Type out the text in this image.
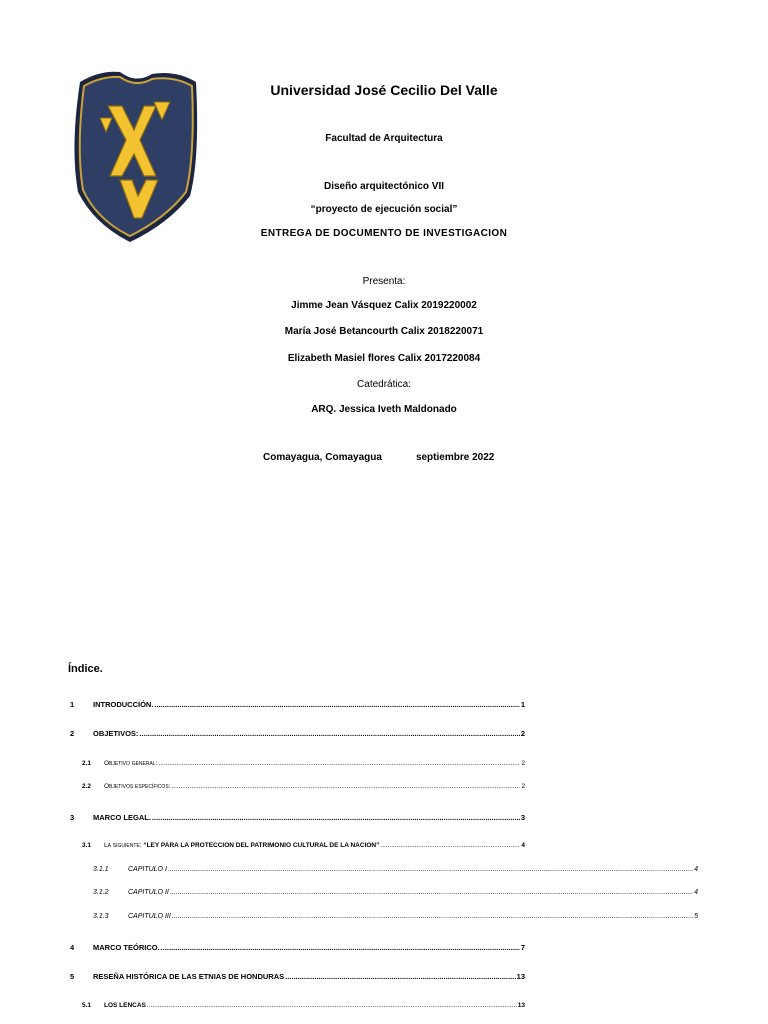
Universidad José Cecilio Del Valle
Facultad de Arquitectura
Diseño arquitectónico VII
“proyecto de ejecución social”
ENTREGA DE DOCUMENTO DE INVESTIGACION
Presenta:
Jimme Jean Vásquez Calix 2019220002
María José Betancourth Calix 2018220071
Elizabeth Masiel flores Calix 2017220084
Catedrática:
ARQ. Jessica Iveth Maldonado
Comayagua, Comayagua	septiembre 2022
Índice.
1	INTRODUCCIÓN. .....	1
2	OBJETIVOS: .....	2
2.1	Objetivo general: .....	2
2.2	Objetivos específicos: .....	2
3	MARCO LEGAL. .....	3
3.1	La siguiente: “LEY PARA LA PROTECCION DEL PATRIMONIO CULTURAL DE LA NACION” .....	4
3.1.1	CAPITULO I .....	4
3.1.2	CAPITULO II .....	4
3.1.3	CAPITULO III .....	5
4	MARCO TEÓRICO. .....	7
5	RESEÑA HISTÓRICA DE LAS ETNIAS DE HONDURAS .....	13
5.1	LOS LENCAS .....	13
